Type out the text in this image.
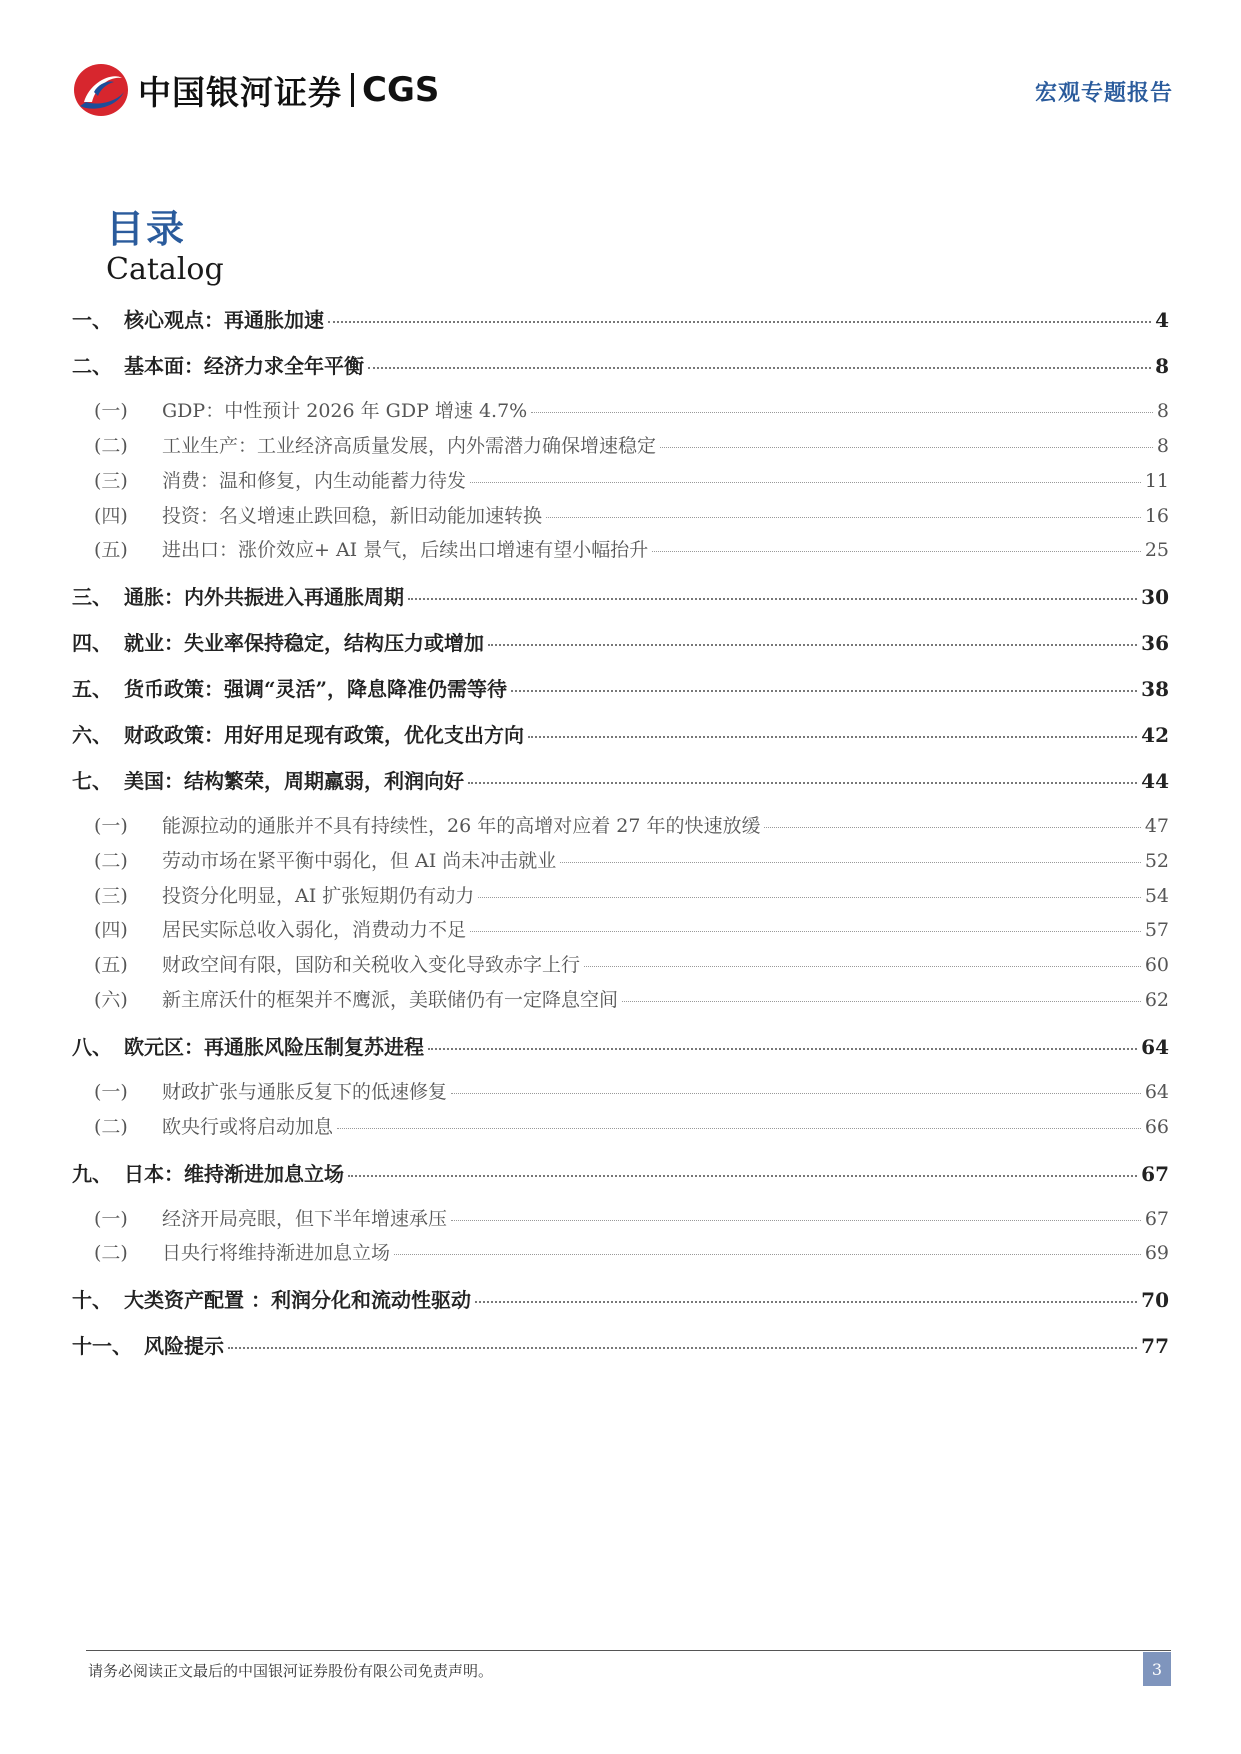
中国银河证券 CGS	宏观专题报告
目录
Catalog
一、 核心观点：再通胀加速	4
二、 基本面：经济力求全年平衡	8
(一)	GDP：中性预计 2026 年 GDP 增速 4.7%	8
(二)	工业生产：工业经济高质量发展，内外需潜力确保增速稳定	8
(三)	消费：温和修复，内生动能蓄力待发	11
(四)	投资：名义增速止跌回稳，新旧动能加速转换	16
(五)	进出口：涨价效应+ AI 景气，后续出口增速有望小幅抬升	25
三、 通胀：内外共振进入再通胀周期	30
四、 就业：失业率保持稳定，结构压力或增加	36
五、 货币政策：强调“灵活”，降息降准仍需等待	38
六、 财政政策：用好用足现有政策，优化支出方向	42
七、 美国：结构繁荣，周期羸弱，利润向好	44
(一)	能源拉动的通胀并不具有持续性，26 年的高增对应着 27 年的快速放缓	47
(二)	劳动市场在紧平衡中弱化，但 AI 尚未冲击就业	52
(三)	投资分化明显，AI 扩张短期仍有动力	54
(四)	居民实际总收入弱化，消费动力不足	57
(五)	财政空间有限，国防和关税收入变化导致赤字上行	60
(六)	新主席沃什的框架并不鹰派，美联储仍有一定降息空间	62
八、 欧元区：再通胀风险压制复苏进程	64
(一)	财政扩张与通胀反复下的低速修复	64
(二)	欧央行或将启动加息	66
九、 日本：维持渐进加息立场	67
(一)	经济开局亮眼，但下半年增速承压	67
(二)	日央行将维持渐进加息立场	69
十、 大类资产配置 ：利润分化和流动性驱动	70
十一、 风险提示	77
请务必阅读正文最后的中国银河证券股份有限公司免责声明。	3
